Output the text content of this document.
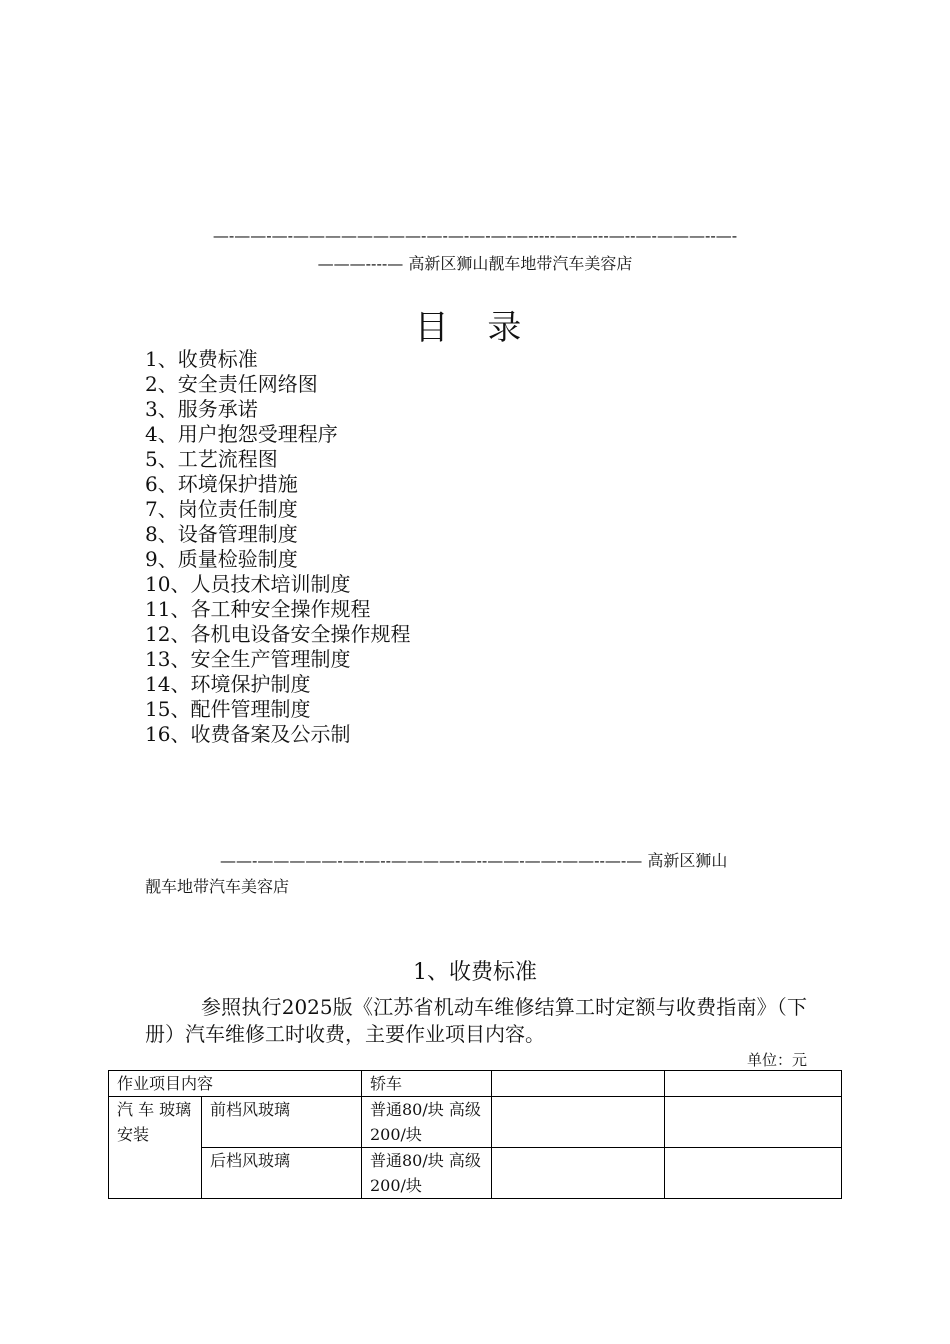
—-——-—-————————-—-—-—-—-—-----—-—---—--—-———--—-
———----— 高新区狮山靓车地带汽车美容店
目 录
1、收费标准
2、安全责任网络图
3、服务承诺
4、用户抱怨受理程序
5、工艺流程图
6、环境保护措施
7、岗位责任制度
8、设备管理制度
9、质量检验制度
10、人员技术培训制度
11、各工种安全操作规程
12、各机电设备安全操作规程
13、安全生产管理制度
14、环境保护制度
15、配件管理制度
16、收费备案及公示制
——-—————-—-—--————-—--——-——-——--—-— 高新区狮山
靓车地带汽车美容店
1、收费标准
参照执行2025版《江苏省机动车维修结算工时定额与收费指南》（下册）汽车维修工时收费，主要作业项目内容。
单位：元
作业项目内容		轿车		
汽 车 玻璃安装	前档风玻璃	普通80/块 高级200/块		
	后档风玻璃	普通80/块 高级200/块		
